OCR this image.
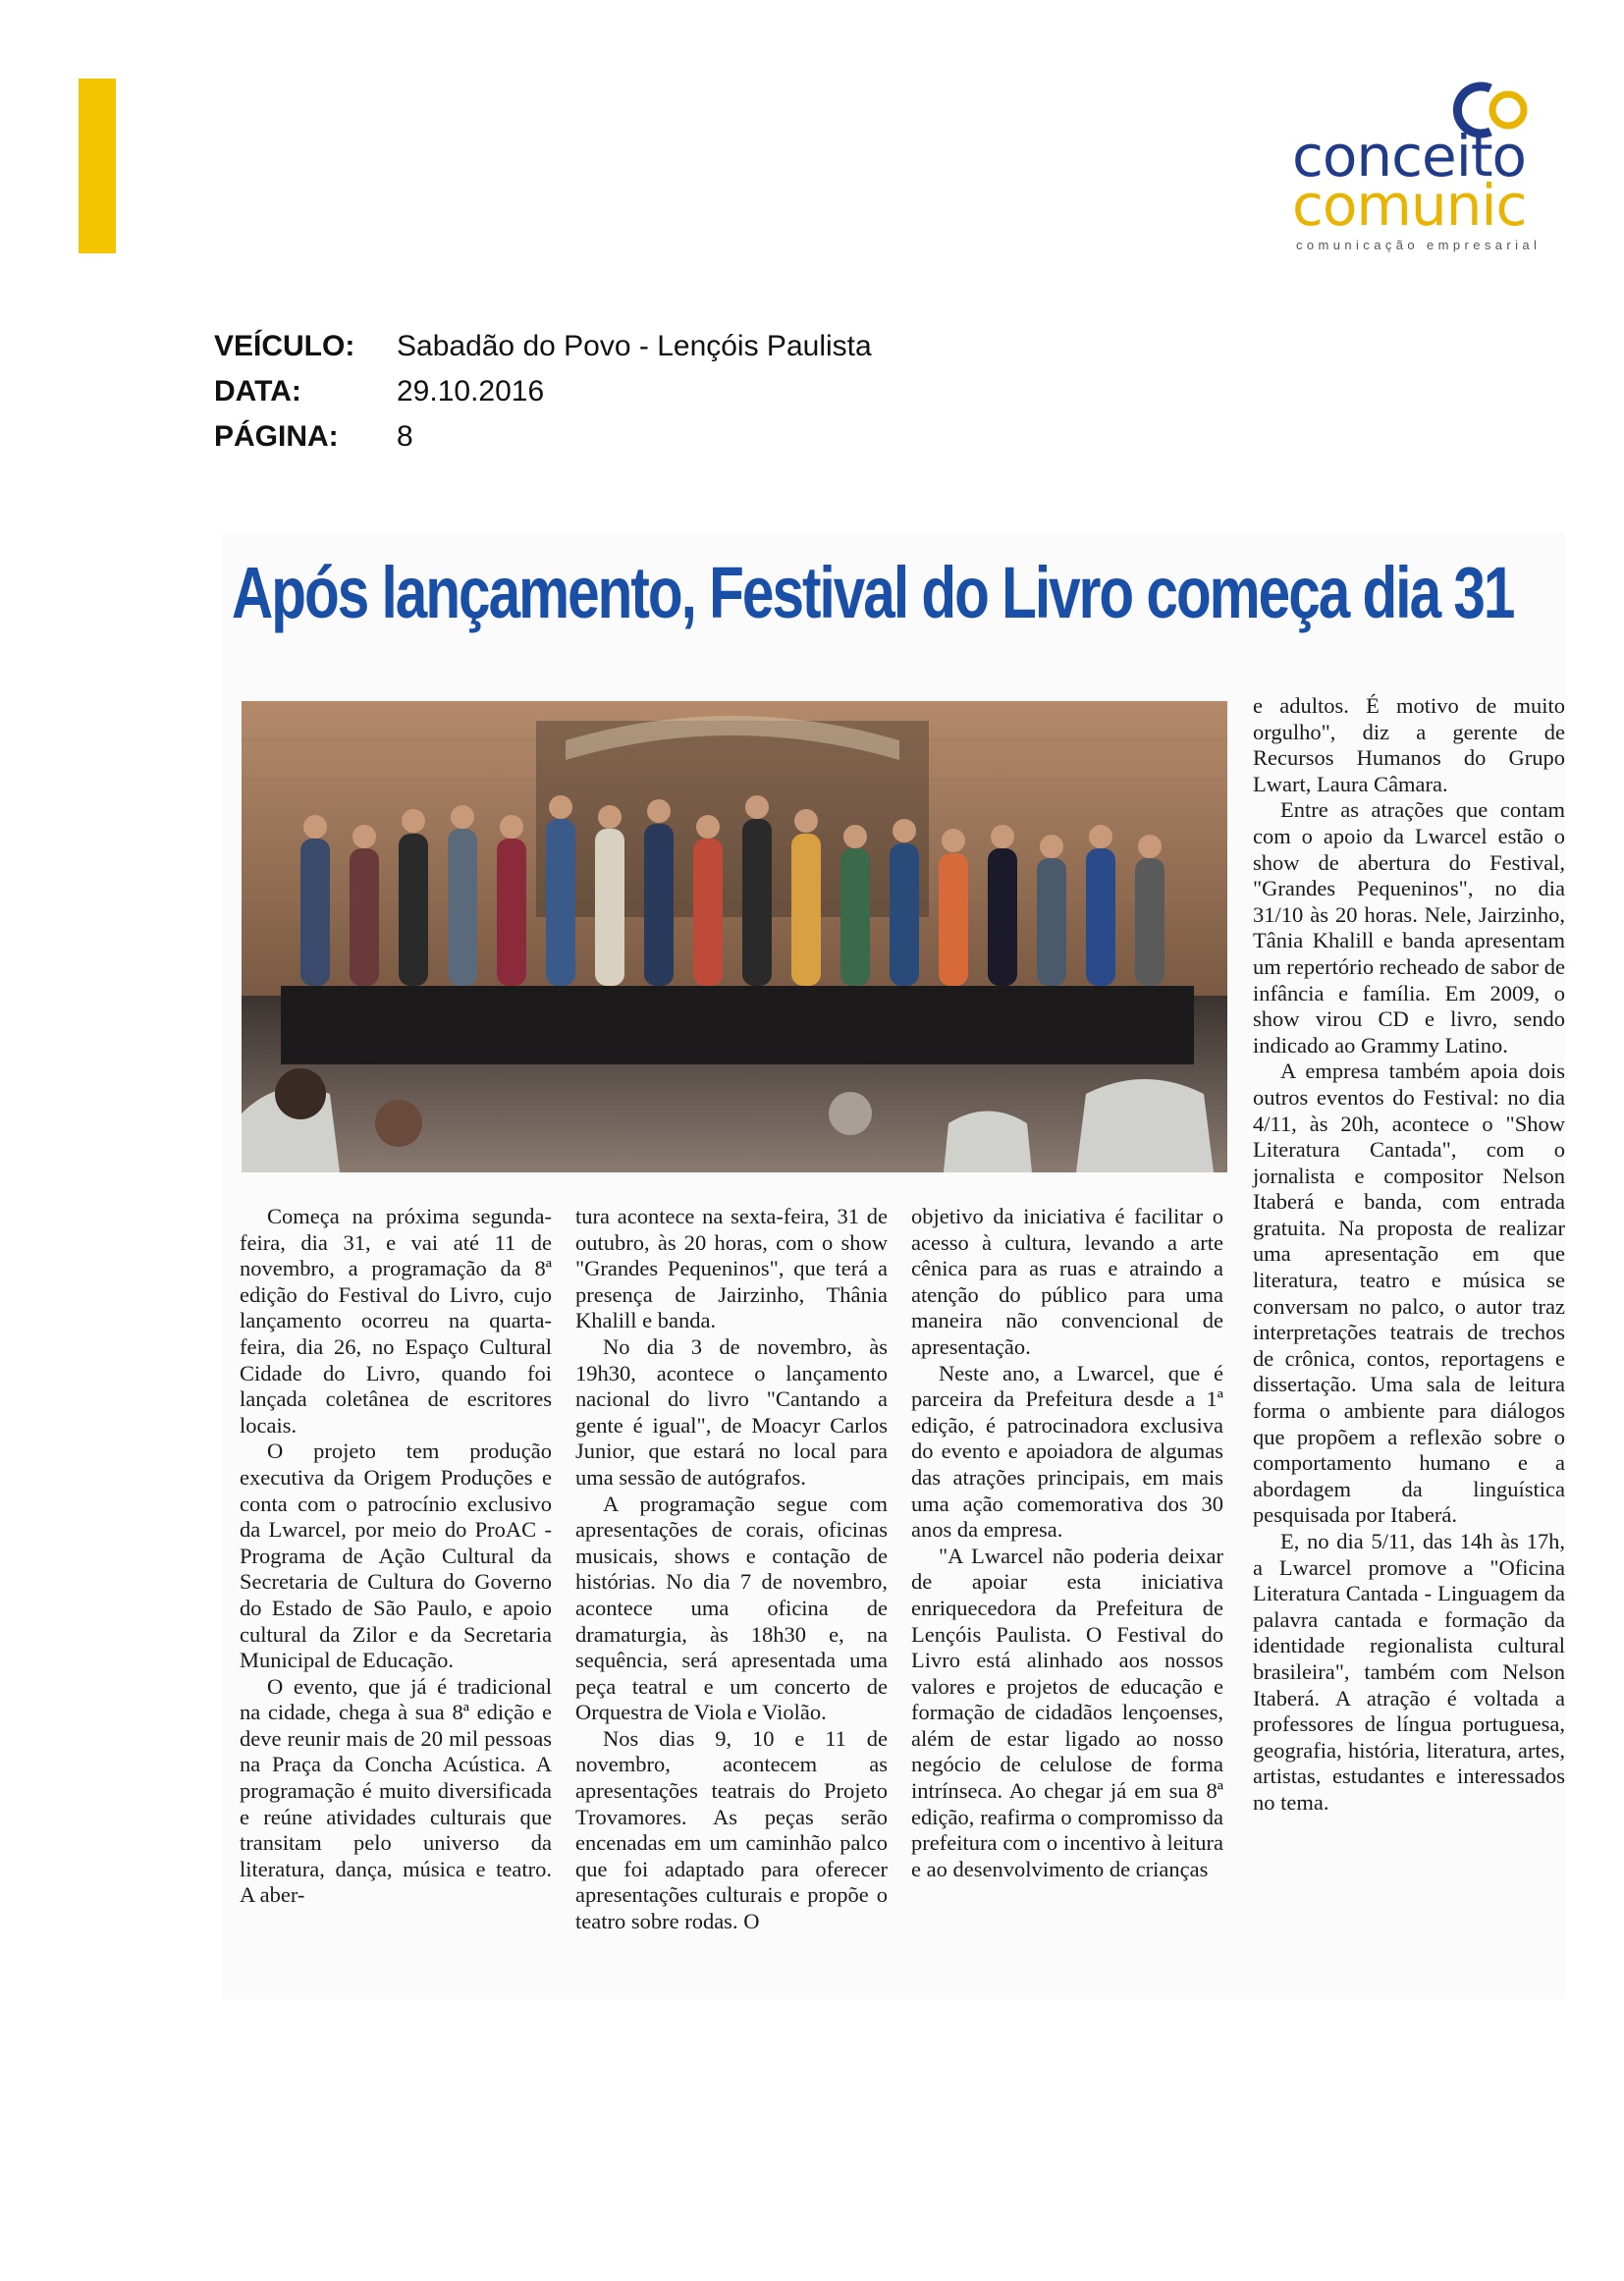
conceito
comunic
comunicação empresarial
VEÍCULO:	Sabadão do Povo - Lençóis Paulista
DATA:	29.10.2016
PÁGINA:	8
Após lançamento, Festival do Livro começa dia 31

Começa na próxima segunda-feira, dia 31, e vai até 11 de novembro, a programação da 8ª edição do Festival do Livro, cujo lançamento ocorreu na quarta-feira, dia 26, no Espaço Cultural Cidade do Livro, quando foi lançada coletânea de escritores locais.

O projeto tem produção executiva da Origem Produções e conta com o patrocínio exclusivo da Lwarcel, por meio do ProAC - Programa de Ação Cultural da Secretaria de Cultura do Governo do Estado de São Paulo, e apoio cultural da Zilor e da Secretaria Municipal de Educação.

O evento, que já é tradicional na cidade, chega à sua 8ª edição e deve reunir mais de 20 mil pessoas na Praça da Concha Acústica. A programação é muito diversificada e reúne atividades culturais que transitam pelo universo da literatura, dança, música e teatro. A aber-

tura acontece na sexta-feira, 31 de outubro, às 20 horas, com o show "Grandes Pequeninos", que terá a presença de Jairzinho, Thânia Khalill e banda.

No dia 3 de novembro, às 19h30, acontece o lançamento nacional do livro "Cantando a gente é igual", de Moacyr Carlos Junior, que estará no local para uma sessão de autógrafos.

A programação segue com apresentações de corais, oficinas musicais, shows e contação de histórias. No dia 7 de novembro, acontece uma oficina de dramaturgia, às 18h30 e, na sequência, será apresentada uma peça teatral e um concerto de Orquestra de Viola e Violão.

Nos dias 9, 10 e 11 de novembro, acontecem as apresentações teatrais do Projeto Trovamores. As peças serão encenadas em um caminhão palco que foi adaptado para oferecer apresentações culturais e propõe o teatro sobre rodas. O

objetivo da iniciativa é facilitar o acesso à cultura, levando a arte cênica para as ruas e atraindo a atenção do público para uma maneira não convencional de apresentação.

Neste ano, a Lwarcel, que é parceira da Prefeitura desde a 1ª edição, é patrocinadora exclusiva do evento e apoiadora de algumas das atrações principais, em mais uma ação comemorativa dos 30 anos da empresa.

"A Lwarcel não poderia deixar de apoiar esta iniciativa enriquecedora da Prefeitura de Lençóis Paulista. O Festival do Livro está alinhado aos nossos valores e projetos de educação e formação de cidadãos lençoenses, além de estar ligado ao nosso negócio de celulose de forma intrínseca. Ao chegar já em sua 8ª edição, reafirma o compromisso da prefeitura com o incentivo à leitura e ao desenvolvimento de crianças

e adultos. É motivo de muito orgulho", diz a gerente de Recursos Humanos do Grupo Lwart, Laura Câmara.

Entre as atrações que contam com o apoio da Lwarcel estão o show de abertura do Festival, "Grandes Pequeninos", no dia 31/10 às 20 horas. Nele, Jairzinho, Tânia Khalill e banda apresentam um repertório recheado de sabor de infância e família. Em 2009, o show virou CD e livro, sendo indicado ao Grammy Latino.

A empresa também apoia dois outros eventos do Festival: no dia 4/11, às 20h, acontece o "Show Literatura Cantada", com o jornalista e compositor Nelson Itaberá e banda, com entrada gratuita. Na proposta de realizar uma apresentação em que literatura, teatro e música se conversam no palco, o autor traz interpretações teatrais de trechos de crônica, contos, reportagens e dissertação. Uma sala de leitura forma o ambiente para diálogos que propõem a reflexão sobre o comportamento humano e a abordagem da linguística pesquisada por Itaberá.

E, no dia 5/11, das 14h às 17h, a Lwarcel promove a "Oficina Literatura Cantada - Linguagem da palavra cantada e formação da identidade regionalista cultural brasileira", também com Nelson Itaberá. A atração é voltada a professores de língua portuguesa, geografia, história, literatura, artes, artistas, estudantes e interessados no tema.
